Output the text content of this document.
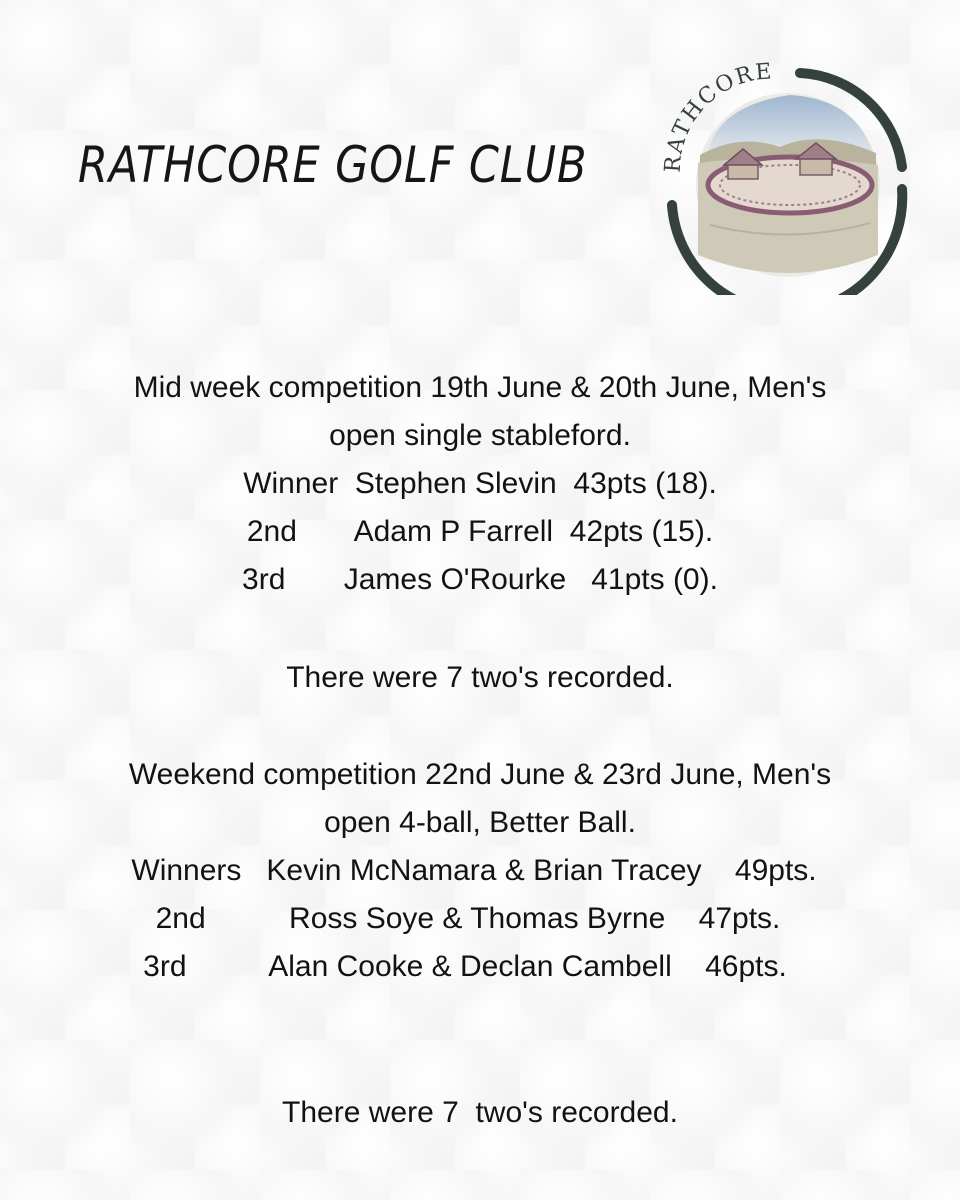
RATHCORE GOLF CLUB	RATHCORE
Mid week competition 19th June & 20th June, Men's
open single stableford.
Winner  Stephen Slevin  43pts (18).
2nd       Adam P Farrell  42pts (15).
3rd       James O'Rourke   41pts (0).
There were 7 two's recorded.
Weekend competition 22nd June & 23rd June, Men's
open 4-ball, Better Ball.
Winners   Kevin McNamara & Brian Tracey    49pts.
2nd          Ross Soye & Thomas Byrne    47pts.
3rd          Alan Cooke & Declan Cambell    46pts.
There were 7  two's recorded.
